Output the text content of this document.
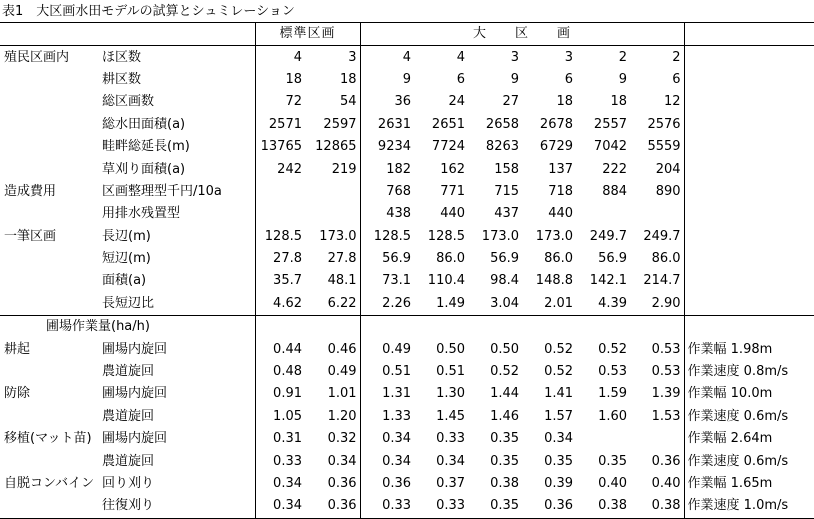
表1　大区画水田モデルの試算とシュミレーション
		標準区画		大　　区　　画						
殖民区画内	ほ区数	4	3	4	4	3	3	2	2	
	耕区数	18	18	9	6	9	6	9	6	
	総区画数	72	54	36	24	27	18	18	12	
	総水田面積(a)	2571	2597	2631	2651	2658	2678	2557	2576	
	畦畔総延長(m)	13765	12865	9234	7724	8263	6729	7042	5559	
	草刈り面積(a)	242	219	182	162	158	137	222	204	
造成費用	区画整理型千円/10a			768	771	715	718	884	890	
	用排水残置型			438	440	437	440			
一筆区画	長辺(m)	128.5	173.0	128.5	128.5	173.0	173.0	249.7	249.7	
	短辺(m)	27.8	27.8	56.9	86.0	56.9	86.0	56.9	86.0	
	面積(a)	35.7	48.1	73.1	110.4	98.4	148.8	142.1	214.7	
	長短辺比	4.62	6.22	2.26	1.49	3.04	2.01	4.39	2.90	
圃場作業量(ha/h)										
耕起	圃場内旋回	0.44	0.46	0.49	0.50	0.50	0.52	0.52	0.53	作業幅 1.98m
	農道旋回	0.48	0.49	0.51	0.51	0.52	0.52	0.53	0.53	作業速度 0.8m/s
防除	圃場内旋回	0.91	1.01	1.31	1.30	1.44	1.41	1.59	1.39	作業幅 10.0m
	農道旋回	1.05	1.20	1.33	1.45	1.46	1.57	1.60	1.53	作業速度 0.6m/s
移植(マット苗)	圃場内旋回	0.31	0.32	0.34	0.33	0.35	0.34			作業幅 2.64m
	農道旋回	0.33	0.34	0.34	0.34	0.35	0.35	0.35	0.36	作業速度 0.6m/s
自脱コンバイン	回り刈り	0.34	0.36	0.36	0.37	0.38	0.39	0.40	0.40	作業幅 1.65m
	往復刈り	0.34	0.36	0.33	0.33	0.35	0.36	0.38	0.38	作業速度 1.0m/s
